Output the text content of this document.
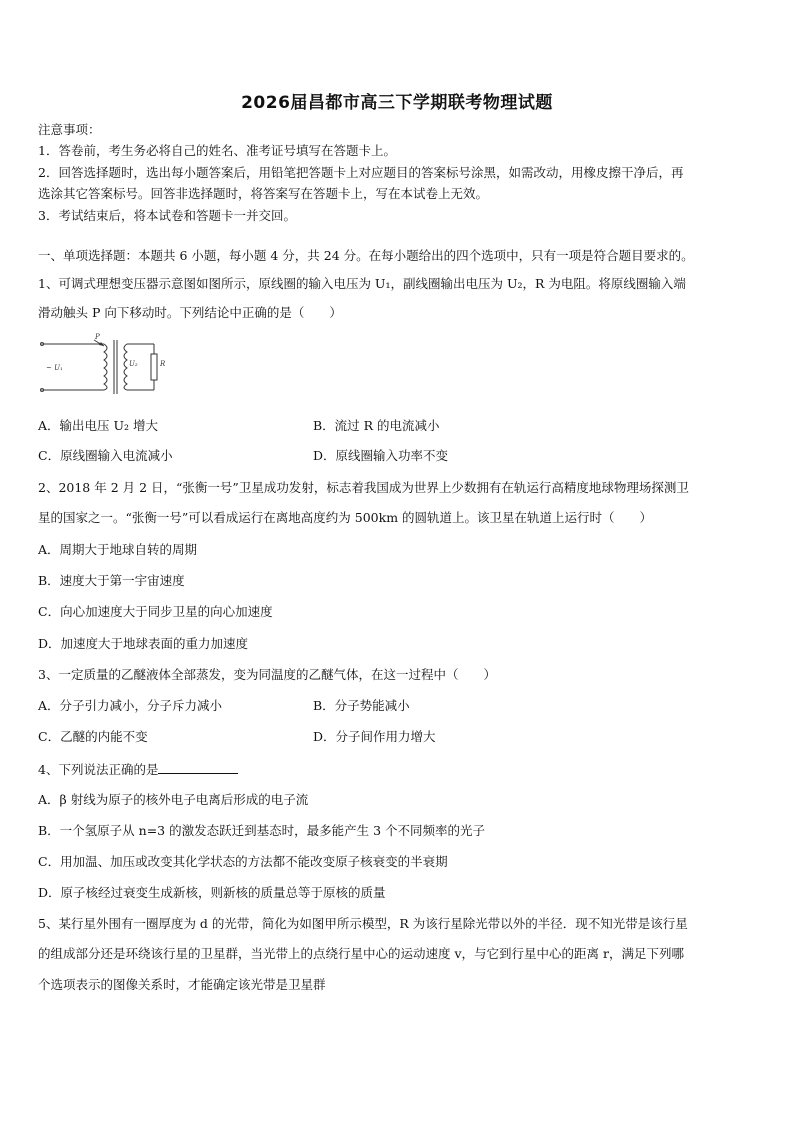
2026届昌都市高三下学期联考物理试题
注意事项：
1．答卷前，考生务必将自己的姓名、准考证号填写在答题卡上。
2．回答选择题时，选出每小题答案后，用铅笔把答题卡上对应题目的答案标号涂黑，如需改动，用橡皮擦干净后，再
选涂其它答案标号。回答非选择题时，将答案写在答题卡上，写在本试卷上无效。
3．考试结束后，将本试卷和答题卡一并交回。
一、单项选择题：本题共 6 小题，每小题 4 分，共 24 分。在每小题给出的四个选项中，只有一项是符合题目要求的。
1、可调式理想变压器示意图如图所示，原线圈的输入电压为 U₁，副线圈输出电压为 U₂，R 为电阻。将原线圈输入端
滑动触头 P 向下移动时。下列结论中正确的是（　　）
P
~ U₁	U₂	R
A．输出电压 U₂ 增大	B．流过 R 的电流减小
C．原线圈输入电流减小	D．原线圈输入功率不变
2、2018 年 2 月 2 日，“张衡一号”卫星成功发射，标志着我国成为世界上少数拥有在轨运行高精度地球物理场探测卫
星的国家之一。“张衡一号”可以看成运行在离地高度约为 500km 的圆轨道上。该卫星在轨道上运行时（　　）
A．周期大于地球自转的周期
B．速度大于第一宇宙速度
C．向心加速度大于同步卫星的向心加速度
D．加速度大于地球表面的重力加速度
3、一定质量的乙醚液体全部蒸发，变为同温度的乙醚气体，在这一过程中（　　）
A．分子引力减小，分子斥力减小	B．分子势能减小
C．乙醚的内能不变	D．分子间作用力增大
4、下列说法正确的是
A．β 射线为原子的核外电子电离后形成的电子流
B．一个氢原子从 n=3 的激发态跃迁到基态时，最多能产生 3 个不同频率的光子
C．用加温、加压或改变其化学状态的方法都不能改变原子核衰变的半衰期
D．原子核经过衰变生成新核，则新核的质量总等于原核的质量
5、某行星外围有一圈厚度为 d 的光带，简化为如图甲所示模型，R 为该行星除光带以外的半径．现不知光带是该行星
的组成部分还是环绕该行星的卫星群，当光带上的点绕行星中心的运动速度 v，与它到行星中心的距离 r，满足下列哪
个选项表示的图像关系时，才能确定该光带是卫星群
